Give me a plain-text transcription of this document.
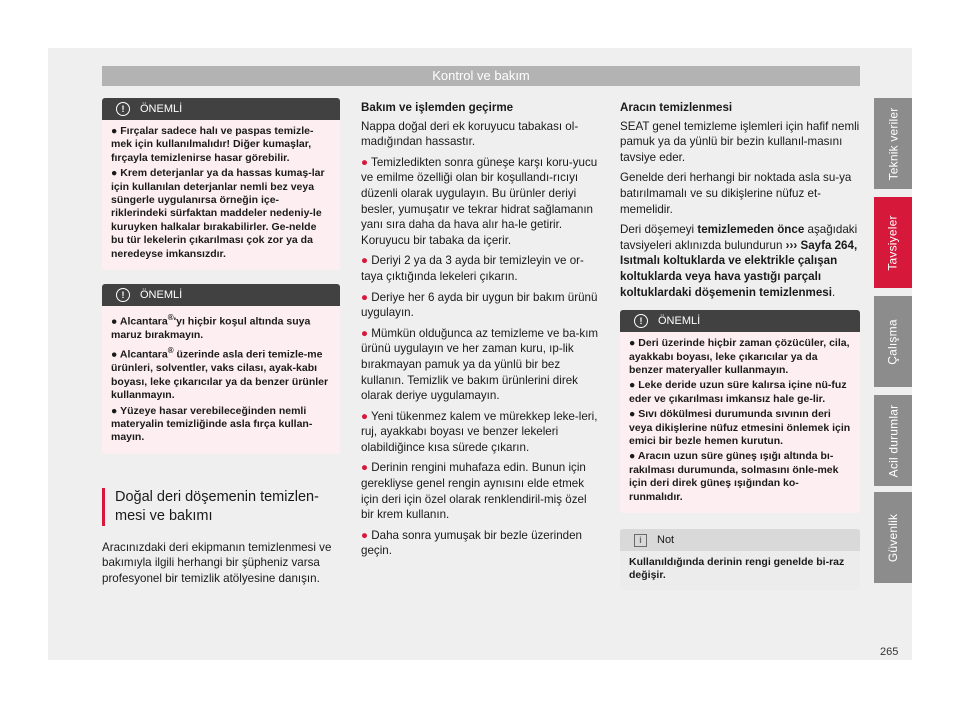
Kontrol ve bakım
Teknik veriler
Tavsiyeler
Çalışma
Acil durumlar
Güvenlik
265
!	ÖNEMLİ

● Fırçalar sadece halı ve paspas temizle-mek için kullanılmalıdır! Diğer kumaşlar, fırçayla temizlenirse hasar görebilir.

● Krem deterjanlar ya da hassas kumaş-lar için kullanılan deterjanlar nemli bez veya süngerle uygulanırsa örneğin içe-riklerindeki sürfaktan maddeler nedeniy-le kuruyken halkalar bırakabilirler. Ge-nelde bu tür lekelerin çıkarılması çok zor ya da neredeyse imkansızdır.

!	ÖNEMLİ

● Alcantara®'yı hiçbir koşul altında suya maruz bırakmayın.

● Alcantara® üzerinde asla deri temizle-me ürünleri, solventler, vaks cilası, ayak-kabı boyası, leke çıkarıcılar ya da benzer ürünler kullanmayın.

● Yüzeye hasar verebileceğinden nemli materyalin temizliğinde asla fırça kullan-mayın.

Doğal deri döşemenin temizlen-mesi ve bakımı
Aracınızdaki deri ekipmanın temizlenmesi ve bakımıyla ilgili herhangi bir şüpheniz varsa profesyonel bir temizlik atölyesine danışın.

Bakım ve işlemden geçirme

Nappa doğal deri ek koruyucu tabakası ol-madığından hassastır.

● Temizledikten sonra güneşe karşı koru-yucu ve emilme özelliği olan bir koşullandı-rıcıyı düzenli olarak uygulayın. Bu ürünler deriyi besler, yumuşatır ve tekrar hidrat sağlamanın yanı sıra daha da hava alır ha-le getirir. Koruyucu bir tabaka da içerir.

● Deriyi 2 ya da 3 ayda bir temizleyin ve or-taya çıktığında lekeleri çıkarın.

● Deriye her 6 ayda bir uygun bir bakım ürünü uygulayın.

● Mümkün olduğunca az temizleme ve ba-kım ürünü uygulayın ve her zaman kuru, ıp-lik bırakmayan pamuk ya da yünlü bir bez kullanın. Temizlik ve bakım ürünlerini direk olarak deriye uygulamayın.

● Yeni tükenmez kalem ve mürekkep leke-leri, ruj, ayakkabı boyası ve benzer lekeleri olabildiğince kısa sürede çıkarın.

● Derinin rengini muhafaza edin. Bunun için gerekliyse genel rengin aynısını elde etmek için deri için özel olarak renklendiril-miş özel bir krem kullanın.

● Daha sonra yumuşak bir bezle üzerinden geçin.

Aracın temizlenmesi

SEAT genel temizleme işlemleri için hafif nemli pamuk ya da yünlü bir bezin kullanıl-masını tavsiye eder.

Genelde deri herhangi bir noktada asla su-ya batırılmamalı ve su dikişlerine nüfuz et-memelidir.

Deri döşemeyi temizlemeden önce aşağıdaki tavsiyeleri aklınızda bulundurun ››› Sayfa 264, Isıtmalı koltuklarda ve elektrikle çalışan koltuklarda veya hava yastığı parçalı koltuklardaki döşemenin temizlenmesi.

!	ÖNEMLİ

● Deri üzerinde hiçbir zaman çözücüler, cila, ayakkabı boyası, leke çıkarıcılar ya da benzer materyaller kullanmayın.

● Leke deride uzun süre kalırsa içine nü-fuz eder ve çıkarılması imkansız hale ge-lir.

● Sıvı dökülmesi durumunda sıvının deri veya dikişlerine nüfuz etmesini önlemek için emici bir bezle hemen kurutun.

● Aracın uzun süre güneş ışığı altında bı-rakılması durumunda, solmasını önle-mek için deri direk güneş ışığından ko-runmalıdır.

i	Not
Kullanıldığında derinin rengi genelde bi-raz değişir.
